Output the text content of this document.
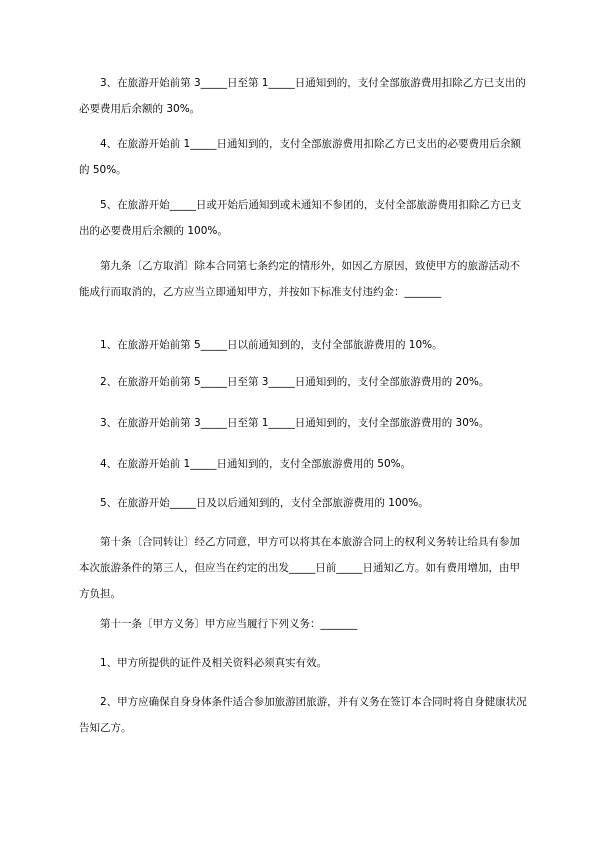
　　3、在旅游开始前第 3_____日至第 1_____日通知到的，支付全部旅游费用扣除乙方已支出的必要费用后余额的 30%。

　　4、在旅游开始前 1_____日通知到的，支付全部旅游费用扣除乙方已支出的必要费用后余额的 50%。

　　5、在旅游开始_____日或开始后通知到或未通知不参团的，支付全部旅游费用扣除乙方已支出的必要费用后余额的 100%。

　　第九条〔乙方取消〕除本合同第七条约定的情形外，如因乙方原因，致使甲方的旅游活动不能成行而取消的，乙方应当立即通知甲方，并按如下标准支付违约金：_______

　　1、在旅游开始前第 5_____日以前通知到的，支付全部旅游费用的 10%。

　　2、在旅游开始前第 5_____日至第 3_____日通知到的，支付全部旅游费用的 20%。

　　3、在旅游开始前第 3_____日至第 1_____日通知到的，支付全部旅游费用的 30%。

　　4、在旅游开始前 1_____日通知到的，支付全部旅游费用的 50%。

　　5、在旅游开始_____日及以后通知到的，支付全部旅游费用的 100%。

　　第十条〔合同转让〕经乙方同意，甲方可以将其在本旅游合同上的权利义务转让给具有参加本次旅游条件的第三人，但应当在约定的出发_____日前_____日通知乙方。如有费用增加，由甲方负担。

　　第十一条〔甲方义务〕甲方应当履行下列义务：_______

　　1、甲方所提供的证件及相关资料必须真实有效。

　　2、甲方应确保自身身体条件适合参加旅游团旅游，并有义务在签订本合同时将自身健康状况告知乙方。
